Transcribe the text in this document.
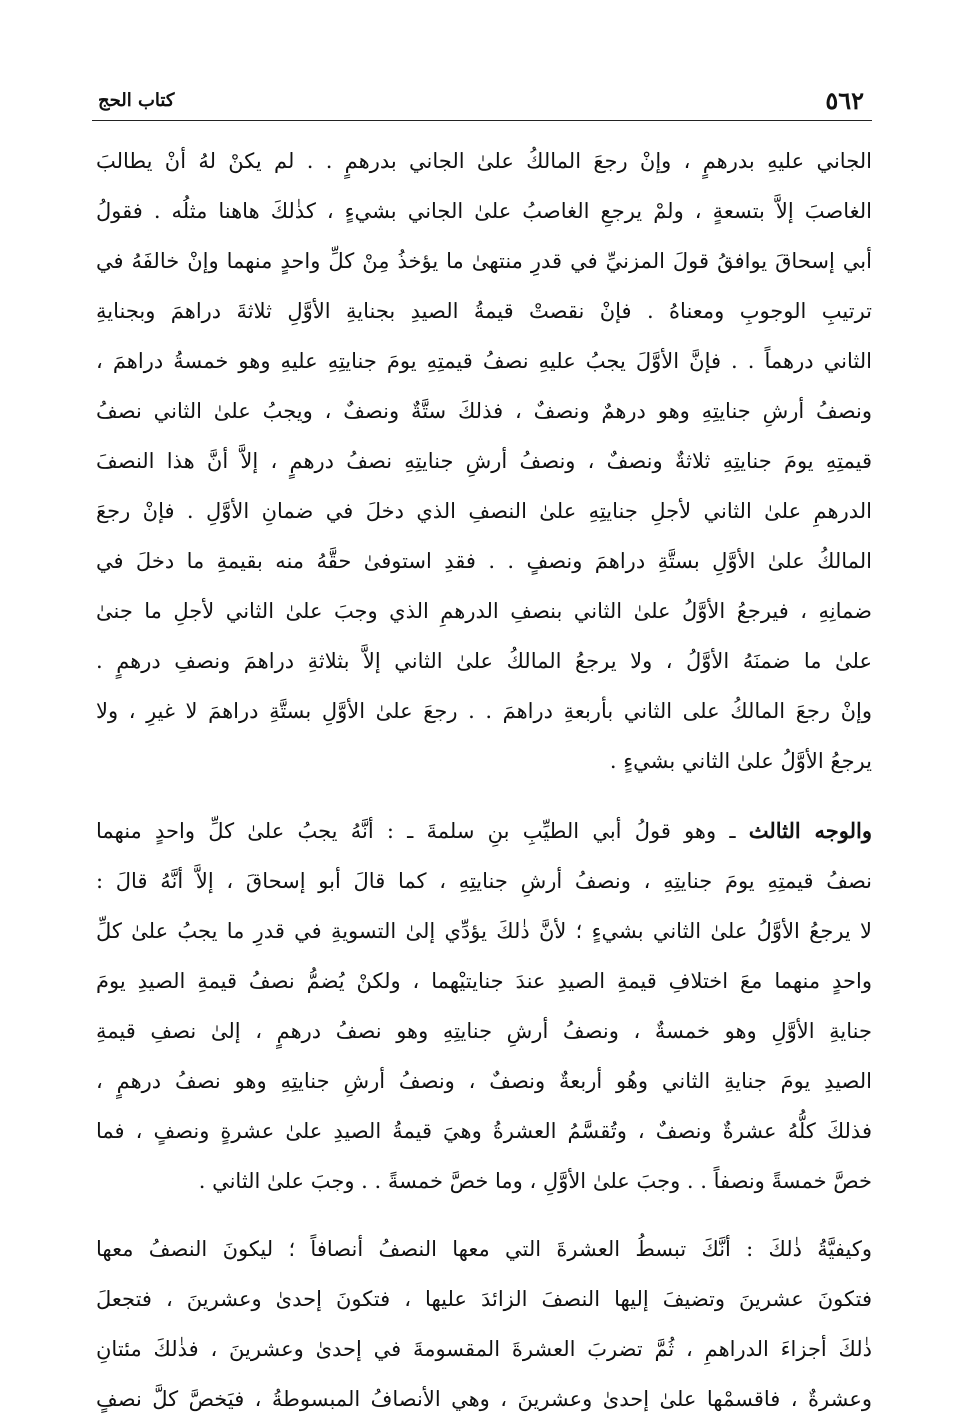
٥٦٢
كتاب الحج

الجاني عليهِ بدرهمٍ ، وإنْ رجعَ المالكُ علىٰ الجاني بدرهمٍ . . لم يكنْ لهُ أنْ يطالبَ
الغاصبَ إلاَّ بتسعةٍ ، ولمْ يرجعِ الغاصبُ علىٰ الجاني بشيءٍ ، كذٰلكَ هاهنا مثلُه . فقولُ
أبي إسحاقَ يوافقُ قولَ المزنيِّ في قدرِ منتهىٰ ما يؤخذُ مِنْ كلِّ واحدٍ منهما وإنْ خالفَهُ في
ترتيبِ الوجوبِ ومعناهُ . فإنْ نقصتْ قيمةُ الصيدِ بجنايةِ الأوَّلِ ثلاثةَ دراهمَ وبجنايةِ
الثاني درهماً . . فإنَّ الأوَّلَ يجبُ عليهِ نصفُ قيمتِهِ يومَ جنايتِهِ عليهِ وهو خمسةُ دراهمَ ،
ونصفُ أرشِ جنايتِهِ وهو درهمٌ ونصفٌ ، فذلكَ ستَّةٌ ونصفٌ ، ويجبُ علىٰ الثاني نصفُ
قيمتِهِ يومَ جنايتِهِ ثلاثةٌ ونصفٌ ، ونصفُ أرشِ جنايتِهِ نصفُ درهمٍ ، إلاَّ أنَّ هذا النصفَ
الدرهمِ علىٰ الثاني لأجلِ جنايتِهِ علىٰ النصفِ الذي دخلَ في ضمانِ الأوَّلِ . فإنْ رجعَ
المالكُ علىٰ الأوَّلِ بستَّةِ دراهمَ ونصفٍ . . فقدِ استوفىٰ حقَّهُ منه بقيمةِ ما دخلَ في
ضمانِهِ ، فيرجعُ الأوَّلُ علىٰ الثاني بنصفِ الدرهمِ الذي وجبَ علىٰ الثاني لأجلِ ما جنىٰ
علىٰ ما ضمنَهُ الأوَّلُ ، ولا يرجعُ المالكُ علىٰ الثاني إلاَّ بثلاثةِ دراهمَ ونصفِ درهمٍ .
وإنْ رجعَ المالكُ على الثاني بأربعةِ دراهمَ . . رجعَ علىٰ الأوَّلِ بستَّةِ دراهمَ لا غيرِ ، ولا
يرجعُ الأوَّلُ علىٰ الثاني بشيءٍ .

والوجه الثالث ـ وهو قولُ أبي الطيِّبِ بنِ سلمةَ ـ : أنَّهُ يجبُ علىٰ كلِّ واحدٍ منهما
نصفُ قيمتِهِ يومَ جنايتِهِ ، ونصفُ أرشِ جنايتِهِ ، كما قالَ أبو إسحاقَ ، إلاَّ أنَّهُ قالَ :
لا يرجعُ الأوَّلُ علىٰ الثاني بشيءٍ ؛ لأنَّ ذٰلكَ يؤدِّي إلىٰ التسويةِ في قدرِ ما يجبُ علىٰ كلِّ
واحدٍ منهما معَ اختلافِ قيمةِ الصيدِ عندَ جنايتيْهما ، ولكنْ يُضمُّ نصفُ قيمةِ الصيدِ يومَ
جنايةِ الأوَّلِ وهو خمسةٌ ، ونصفُ أرشِ جنايتِهِ وهو نصفُ درهمٍ ، إلىٰ نصفِ قيمةِ
الصيدِ يومَ جنايةِ الثاني وهُو أربعةٌ ونصفٌ ، ونصفُ أرشِ جنايتِهِ وهو نصفُ درهمٍ ،
فذلكَ كلُّهُ عشرةٌ ونصفٌ ، وتُقسَّمُ العشرةُ وهيَ قيمةُ الصيدِ علىٰ عشرةٍ ونصفٍ ، فما
خصَّ خمسةً ونصفاً . . وجبَ علىٰ الأوَّلِ ، وما خصَّ خمسةً . . وجبَ علىٰ الثاني .

وكيفيَّةُ ذٰلكَ : أنَّكَ تبسطُ العشرةَ التي معها النصفُ أنصافاً ؛ ليكونَ النصفُ معها
فتكونَ عشرينَ وتضيفَ إليها النصفَ الزائدَ عليها ، فتكونَ إحدىٰ وعشرينَ ، فتجعلَ
ذٰلكَ أجزاءَ الدراهمِ ، ثُمَّ تضربَ العشرةَ المقسومةَ في إحدىٰ وعشرينَ ، فذٰلكَ مئتانِ
وعشرةٌ ، فاقسمْها علىٰ إحدىٰ وعشرينَ ، وهي الأنصافُ المبسوطةُ ، فيَخصَّ كلَّ نصفٍ
